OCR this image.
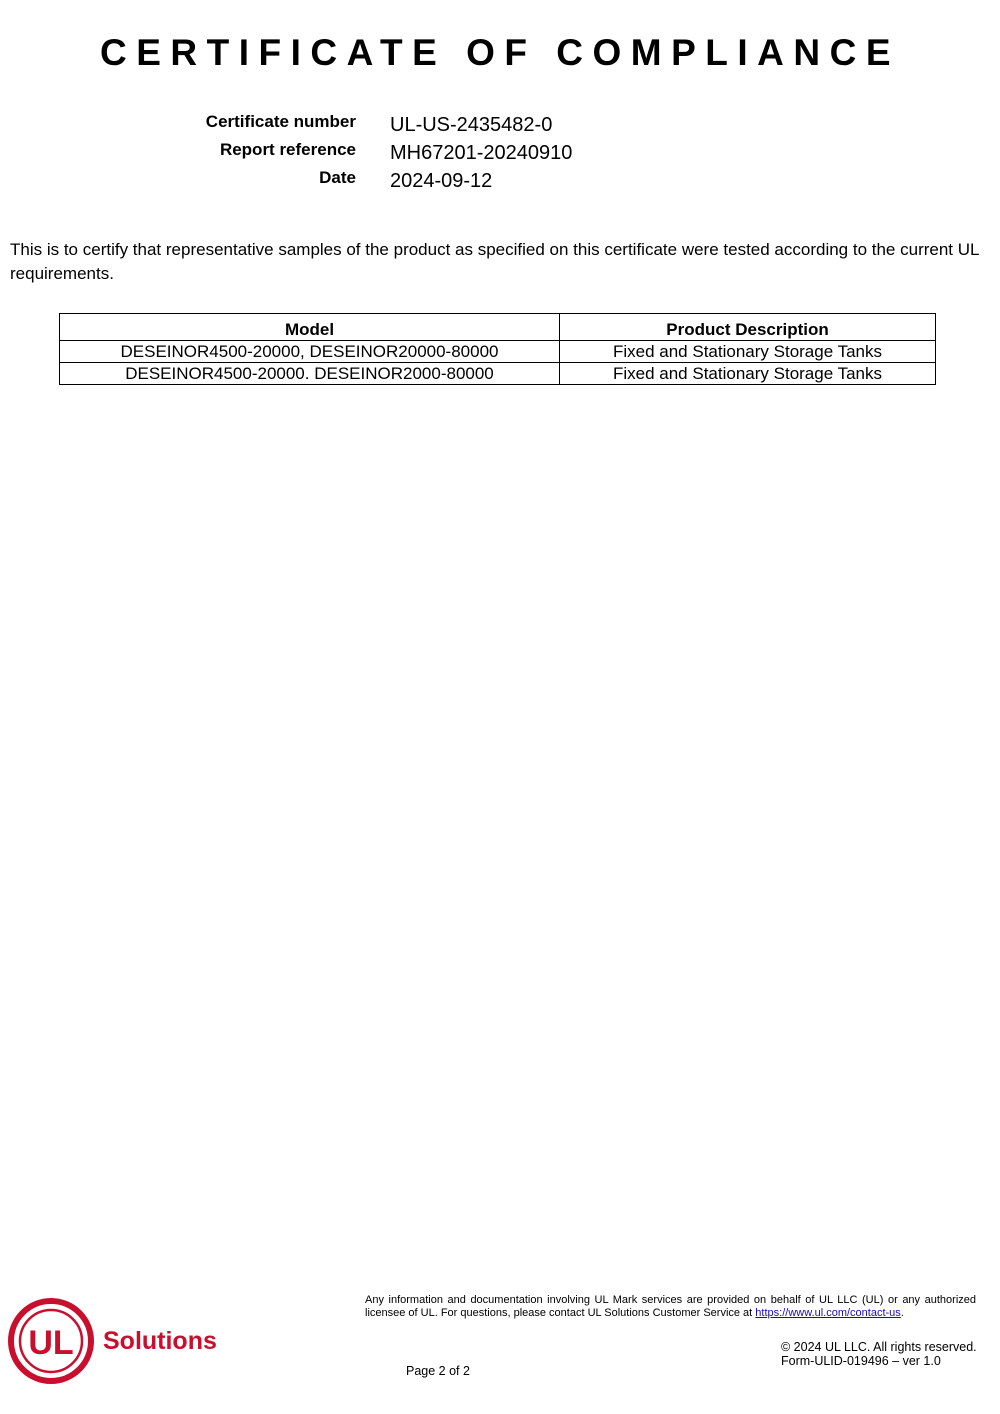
CERTIFICATE OF COMPLIANCE
Certificate number UL-US-2435482-0
Report reference MH67201-20240910
Date 2024-09-12

This is to certify that representative samples of the product as specified on this certificate were tested according to the current UL requirements.

Model	Product Description
DESEINOR4500-20000, DESEINOR20000-80000	Fixed and Stationary Storage Tanks
DESEINOR4500-20000. DESEINOR2000-80000	Fixed and Stationary Storage Tanks
UL Solutions

Any information and documentation involving UL Mark services are provided on behalf of UL LLC (UL) or any authorized licensee of UL. For questions, please contact UL Solutions Customer Service at https://www.ul.com/contact-us.

© 2024 UL LLC. All rights reserved.
Form-ULID-019496 – ver 1.0
Page 2 of 2
